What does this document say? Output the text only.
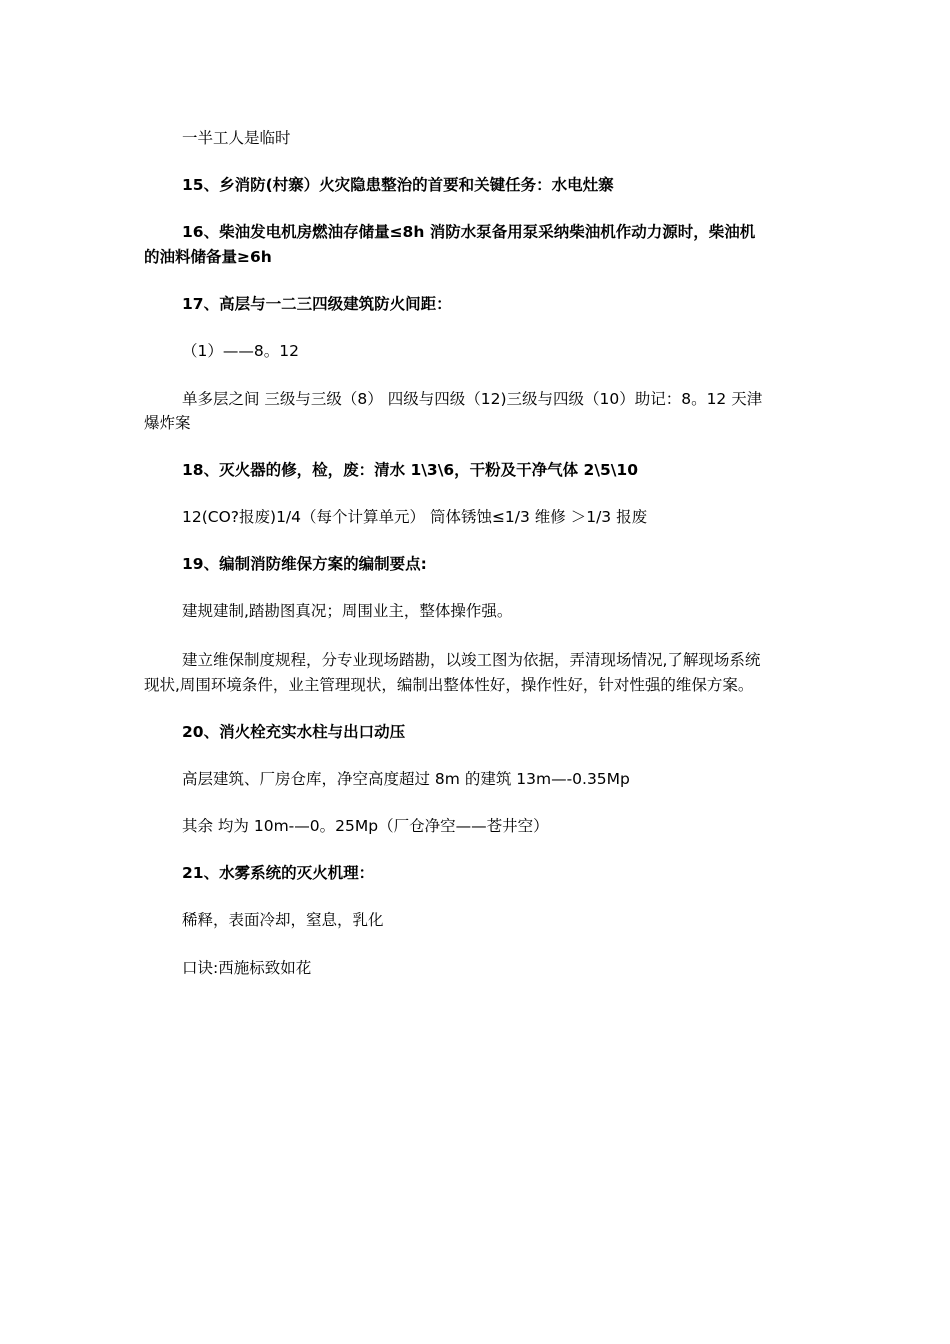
一半工人是临时
15、乡消防(村寨）火灾隐患整治的首要和关键任务：水电灶寨
16、柴油发电机房燃油存储量≤8h 消防水泵备用泵采纳柴油机作动力源时，柴油机
的油料储备量≥6h
17、高层与一二三四级建筑防火间距：
（1）——8。12
单多层之间 三级与三级（8） 四级与四级（12)三级与四级（10）助记：8。12 天津
爆炸案
18、灭火器的修，检，废：清水 1\3\6，干粉及干净气体 2\5\10
12(CO?报废)1/4（每个计算单元） 筒体锈蚀≤1/3 维修 ＞1/3 报废
19、编制消防维保方案的编制要点:
建规建制,踏勘图真况；周围业主，整体操作强。
建立维保制度规程，分专业现场踏勘，以竣工图为依据，弄清现场情况,了解现场系统
现状,周围环境条件，业主管理现状，编制出整体性好，操作性好，针对性强的维保方案。
20、消火栓充实水柱与出口动压
高层建筑、厂房仓库，净空高度超过 8m 的建筑 13m—-0.35Mp
其余 均为 10m-—0。25Mp（厂仓净空——苍井空）
21、水雾系统的灭火机理：
稀释，表面冷却，窒息，乳化
口诀:西施标致如花
